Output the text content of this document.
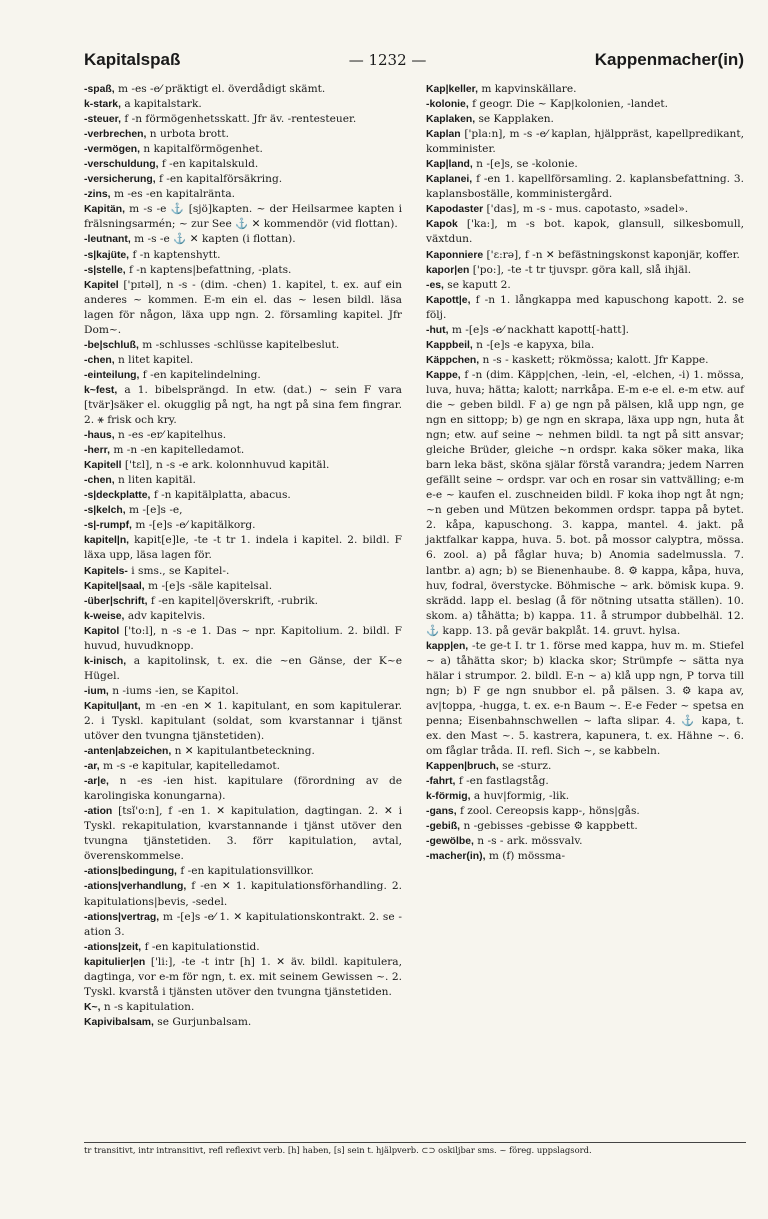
Kapitalspaß	— 1232 —	Kappenmacher(in)

-spaß, m -es -e⁄ präktigt el. överdådigt skämt.

k-stark, a kapitalstark.

-steuer, f -n förmögenhetsskatt. Jfr äv. -rentesteuer.

-verbrechen, n urbota brott.

-vermögen, n kapitalförmögenhet.

-verschuldung, f -en kapitalskuld.

-versicherung, f -en kapitalförsäkring.

-zins, m -es -en kapitalränta.

Kapitän, m -s -e ⚓ [sjö]kapten. ~ der Heilsarmee kapten i frälsningsarmén; ~ zur See ⚓ ✕ kommendör (vid flottan).

-leutnant, m -s -e ⚓ ✕ kapten (i flottan).

-s|kajüte, f -n kaptenshytt.

-s|stelle, f -n kaptens|befattning, -plats.

Kapitel ['pɪtəl], n -s - (dim. -chen) 1. kapitel, t. ex. auf ein anderes ~ kommen. E-m ein el. das ~ lesen bildl. läsa lagen för någon, läxa upp ngn. 2. församling kapitel. Jfr Dom~.

-be|schluß, m -schlusses -schlüsse kapitelbeslut.

-chen, n litet kapitel.

-einteilung, f -en kapitelindelning.

k~fest, a 1. bibelsprängd. In etw. (dat.) ~ sein F vara [tvär]säker el. okugglig på ngt, ha ngt på sina fem fingrar. 2. ⚹ frisk och kry.

-haus, n -es -er⁄ kapitelhus.

-herr, m -n -en kapitelledamot.

Kapitell ['tɛl], n -s -e ark. kolonnhuvud kapitäl.

-chen, n liten kapitäl.

-s|deckplatte, f -n kapitälplatta, abacus.

-s|kelch, m -[e]s -e,

-s|-rumpf, m -[e]s -e⁄ kapitälkorg.

kapitel|n, kapit[e]le, -te -t tr 1. indela i kapitel. 2. bildl. F läxa upp, läsa lagen för.

Kapitels- i sms., se Kapitel-.

Kapitel|saal, m -[e]s -säle kapitelsal.

-über|schrift, f -en kapitel|överskrift, -rubrik.

k-weise, adv kapitelvis.

Kapitol ['to:l], n -s -e 1. Das ~ npr. Kapitolium. 2. bildl. F huvud, huvudknopp.

k-inisch, a kapitolinsk, t. ex. die ~en Gänse, der K~e Hügel.

-ium, n -iums -ien, se Kapitol.

Kapitul|ant, m -en -en ✕ 1. kapitulant, en som kapitulerar. 2. i Tyskl. kapitulant (soldat, som kvarstannar i tjänst utöver den tvungna tjänstetiden).

-anten|abzeichen, n ✕ kapitulantbeteckning.

-ar, m -s -e kapitular, kapitelledamot.

-ar|e, n -es -ien hist. kapitulare (förordning av de karolingiska konungarna).

-ation [tsǐ'o:n], f -en 1. ✕ kapitulation, dagtingan. 2. ✕ i Tyskl. rekapitulation, kvarstannande i tjänst utöver den tvungna tjänstetiden. 3. förr kapitulation, avtal, överenskommelse.

-ations|bedingung, f -en kapitulationsvillkor.

-ations|verhandlung, f -en ✕ 1. kapitulationsförhandling. 2. kapitulations|bevis, -sedel.

-ations|vertrag, m -[e]s -e⁄ 1. ✕ kapitulationskontrakt. 2. se -ation 3.

-ations|zeit, f -en kapitulationstid.

kapitulier|en ['li:], -te -t intr [h] 1. ✕ äv. bildl. kapitulera, dagtinga, vor e-m för ngn, t. ex. mit seinem Gewissen ~. 2. Tyskl. kvarstå i tjänsten utöver den tvungna tjänstetiden.

K~, n -s kapitulation.

Kapivibalsam, se Gurjunbalsam.

Kap|keller, m kapvinskällare.

-kolonie, f geogr. Die ~ Kap|kolonien, -landet.

Kaplaken, se Kapplaken.

Kaplan ['pla:n], m -s -e⁄ kaplan, hjälppräst, kapellpredikant, komminister.

Kap|land, n -[e]s, se -kolonie.

Kaplanei, f -en 1. kapellförsamling. 2. kaplansbefattning. 3. kaplansboställe, komministergård.

Kapodaster ['das], m -s - mus. capotasto, »sadel».

Kapok ['ka:], m -s bot. kapok, glansull, silkesbomull, växtdun.

Kaponniere ['ɛ:rə], f -n ✕ befästningskonst kaponjär, koffer.

kapor|en ['po:], -te -t tr tjuvspr. göra kall, slå ihjäl.

-es, se kaputt 2.

Kapott|e, f -n 1. långkappa med kapuschong kapott. 2. se följ.

-hut, m -[e]s -e⁄ nackhatt kapott[-hatt].

Kappbeil, n -[e]s -e kapyxa, bila.

Käppchen, n -s - kaskett; rökmössa; kalott. Jfr Kappe.

Kappe, f -n (dim. Käpp|chen, -lein, -el, -elchen, -i) 1. mössa, luva, huva; hätta; kalott; narrkåpa. E-m e-e el. e-m etw. auf die ~ geben bildl. F a) ge ngn på pälsen, klå upp ngn, ge ngn en sittopp; b) ge ngn en skrapa, läxa upp ngn, huta åt ngn; etw. auf seine ~ nehmen bildl. ta ngt på sitt ansvar; gleiche Brüder, gleiche ~n ordspr. kaka söker maka, lika barn leka bäst, sköna själar förstå varandra; jedem Narren gefällt seine ~ ordspr. var och en rosar sin vattvälling; e-m e-e ~ kaufen el. zuschneiden bildl. F koka ihop ngt åt ngn; ~n geben und Mützen bekommen ordspr. tappa på bytet. 2. kåpa, kapuschong. 3. kappa, mantel. 4. jakt. på jaktfalkar kappa, huva. 5. bot. på mossor calyptra, mössa. 6. zool. a) på fåglar huva; b) Anomia sadelmussla. 7. lantbr. a) agn; b) se Bienenhaube. 8. ⚙ kappa, kåpa, huva, huv, fodral, överstycke. Böhmische ~ ark. bömisk kupa. 9. skrädd. lapp el. beslag (å för nötning utsatta ställen). 10. skom. a) tåhätta; b) kappa. 11. å strumpor dubbelhäl. 12. ⚓ kapp. 13. på gevär bakplåt. 14. gruvt. hylsa.

kapp|en, -te ge-t I. tr 1. förse med kappa, huv m. m. Stiefel ~ a) tåhätta skor; b) klacka skor; Strümpfe ~ sätta nya hälar i strumpor. 2. bildl. E-n ~ a) klå upp ngn, P torva till ngn; b) F ge ngn snubbor el. på pälsen. 3. ⚙ kapa av, av|toppa, -hugga, t. ex. e-n Baum ~. E-e Feder ~ spetsa en penna; Eisenbahnschwellen ~ lafta slipar. 4. ⚓ kapa, t. ex. den Mast ~. 5. kastrera, kapunera, t. ex. Hähne ~. 6. om fåglar tråda. II. refl. Sich ~, se kabbeln.

Kappen|bruch, se -sturz.

-fahrt, f -en fastlagståg.

k-förmig, a huv|formig, -lik.

-gans, f zool. Cereopsis kapp-, höns|gås.

-gebiß, n -gebisses -gebisse ⚙ kappbett.

-gewölbe, n -s - ark. mössvalv.

-macher(in), m (f) mössma-

tr transitivt, intr intransitivt, refl reflexivt verb. [h] haben, [s] sein t. hjälpverb. ⊂⊃ oskiljbar sms. ~ föreg. uppslagsord.
